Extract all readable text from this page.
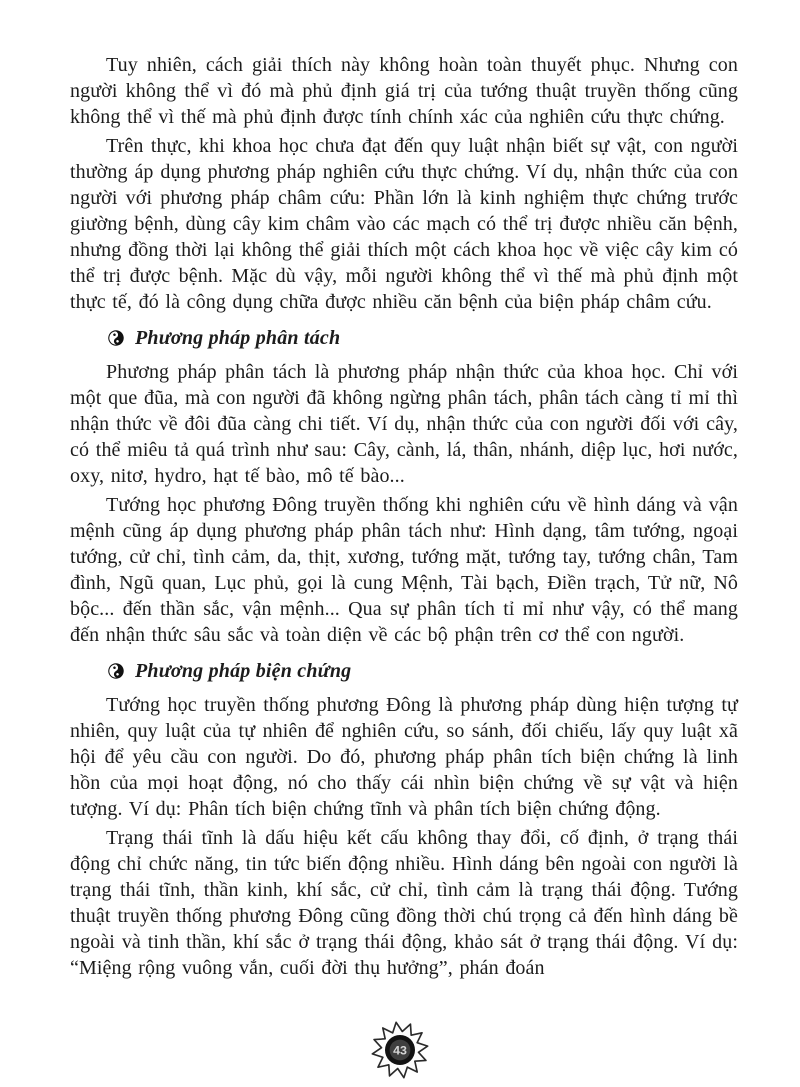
Tuy nhiên, cách giải thích này không hoàn toàn thuyết phục. Nhưng con người không thể vì đó mà phủ định giá trị của tướng thuật truyền thống cũng không thể vì thế mà phủ định được tính chính xác của nghiên cứu thực chứng.

Trên thực, khi khoa học chưa đạt đến quy luật nhận biết sự vật, con người thường áp dụng phương pháp nghiên cứu thực chứng. Ví dụ, nhận thức của con người với phương pháp châm cứu: Phần lớn là kinh nghiệm thực chứng trước giường bệnh, dùng cây kim châm vào các mạch có thể trị được nhiều căn bệnh, nhưng đồng thời lại không thể giải thích một cách khoa học về việc cây kim có thể trị được bệnh. Mặc dù vậy, mỗi người không thể vì thế mà phủ định một thực tế, đó là công dụng chữa được nhiều căn bệnh của biện pháp châm cứu.

Phương pháp phân tách

Phương pháp phân tách là phương pháp nhận thức của khoa học. Chỉ với một que đũa, mà con người đã không ngừng phân tách, phân tách càng tỉ mỉ thì nhận thức về đôi đũa càng chi tiết. Ví dụ, nhận thức của con người đối với cây, có thể miêu tả quá trình như sau: Cây, cành, lá, thân, nhánh, diệp lục, hơi nước, oxy, nitơ, hydro, hạt tế bào, mô tế bào...

Tướng học phương Đông truyền thống khi nghiên cứu về hình dáng và vận mệnh cũng áp dụng phương pháp phân tách như: Hình dạng, tâm tướng, ngoại tướng, cử chỉ, tình cảm, da, thịt, xương, tướng mặt, tướng tay, tướng chân, Tam đình, Ngũ quan, Lục phủ, gọi là cung Mệnh, Tài bạch, Điền trạch, Tử nữ, Nô bộc... đến thần sắc, vận mệnh... Qua sự phân tích tỉ mỉ như vậy, có thể mang đến nhận thức sâu sắc và toàn diện về các bộ phận trên cơ thể con người.

Phương pháp biện chứng

Tướng học truyền thống phương Đông là phương pháp dùng hiện tượng tự nhiên, quy luật của tự nhiên để nghiên cứu, so sánh, đối chiếu, lấy quy luật xã hội để yêu cầu con người. Do đó, phương pháp phân tích biện chứng là linh hồn của mọi hoạt động, nó cho thấy cái nhìn biện chứng về sự vật và hiện tượng. Ví dụ: Phân tích biện chứng tĩnh và phân tích biện chứng động.

Trạng thái tĩnh là dấu hiệu kết cấu không thay đổi, cố định, ở trạng thái động chỉ chức năng, tin tức biến động nhiều. Hình dáng bên ngoài con người là trạng thái tĩnh, thần kinh, khí sắc, cử chỉ, tình cảm là trạng thái động. Tướng thuật truyền thống phương Đông cũng đồng thời chú trọng cả đến hình dáng bề ngoài và tinh thần, khí sắc ở trạng thái động, khảo sát ở trạng thái động. Ví dụ: “Miệng rộng vuông vắn, cuối đời thụ hưởng”, phán đoán

43
